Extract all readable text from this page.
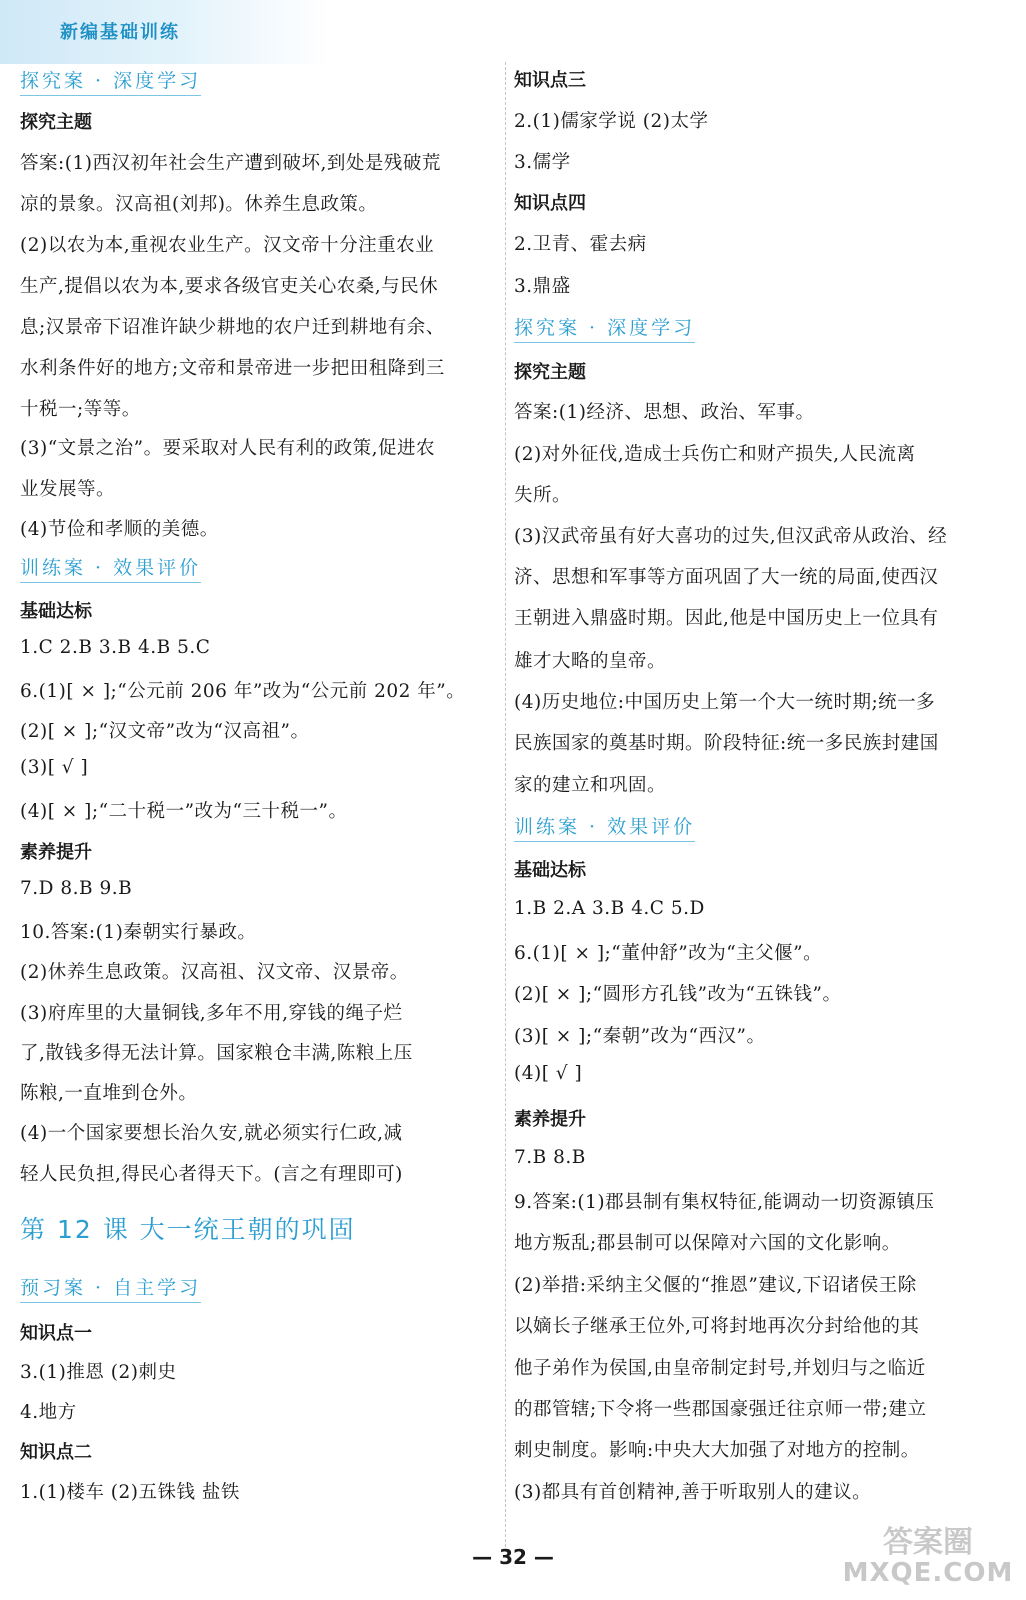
新编基础训练
探究案 · 深度学习
探究主题
答案:(1)西汉初年社会生产遭到破坏,到处是残破荒
凉的景象。汉高祖(刘邦)。休养生息政策。
(2)以农为本,重视农业生产。汉文帝十分注重农业
生产,提倡以农为本,要求各级官吏关心农桑,与民休
息;汉景帝下诏准许缺少耕地的农户迁到耕地有余、
水利条件好的地方;文帝和景帝进一步把田租降到三
十税一;等等。
(3)“文景之治”。要采取对人民有利的政策,促进农
业发展等。
(4)节俭和孝顺的美德。
训练案 · 效果评价
基础达标
1.C 2.B 3.B 4.B 5.C
6.(1)[ × ];“公元前 206 年”改为“公元前 202 年”。
(2)[ × ];“汉文帝”改为“汉高祖”。
(3)[ √ ]
(4)[ × ];“二十税一”改为“三十税一”。
素养提升
7.D 8.B 9.B
10.答案:(1)秦朝实行暴政。
(2)休养生息政策。汉高祖、汉文帝、汉景帝。
(3)府库里的大量铜钱,多年不用,穿钱的绳子烂
了,散钱多得无法计算。国家粮仓丰满,陈粮上压
陈粮,一直堆到仓外。
(4)一个国家要想长治久安,就必须实行仁政,减
轻人民负担,得民心者得天下。(言之有理即可)
第 12 课 大一统王朝的巩固
预习案 · 自主学习
知识点一
3.(1)推恩 (2)刺史
4.地方
知识点二
1.(1)楼车 (2)五铢钱 盐铁
知识点三
2.(1)儒家学说 (2)太学
3.儒学
知识点四
2.卫青、霍去病
3.鼎盛
探究案 · 深度学习
探究主题
答案:(1)经济、思想、政治、军事。
(2)对外征伐,造成士兵伤亡和财产损失,人民流离
失所。
(3)汉武帝虽有好大喜功的过失,但汉武帝从政治、经
济、思想和军事等方面巩固了大一统的局面,使西汉
王朝进入鼎盛时期。因此,他是中国历史上一位具有
雄才大略的皇帝。
(4)历史地位:中国历史上第一个大一统时期;统一多
民族国家的奠基时期。阶段特征:统一多民族封建国
家的建立和巩固。
训练案 · 效果评价
基础达标
1.B 2.A 3.B 4.C 5.D
6.(1)[ × ];“董仲舒”改为“主父偃”。
(2)[ × ];“圆形方孔钱”改为“五铢钱”。
(3)[ × ];“秦朝”改为“西汉”。
(4)[ √ ]
素养提升
7.B 8.B
9.答案:(1)郡县制有集权特征,能调动一切资源镇压
地方叛乱;郡县制可以保障对六国的文化影响。
(2)举措:采纳主父偃的“推恩”建议,下诏诸侯王除
以嫡长子继承王位外,可将封地再次分封给他的其
他子弟作为侯国,由皇帝制定封号,并划归与之临近
的郡管辖;下令将一些郡国豪强迁往京师一带;建立
刺史制度。影响:中央大大加强了对地方的控制。
(3)都具有首创精神,善于听取别人的建议。
— 32 —	答案圈
MXQE.COM
